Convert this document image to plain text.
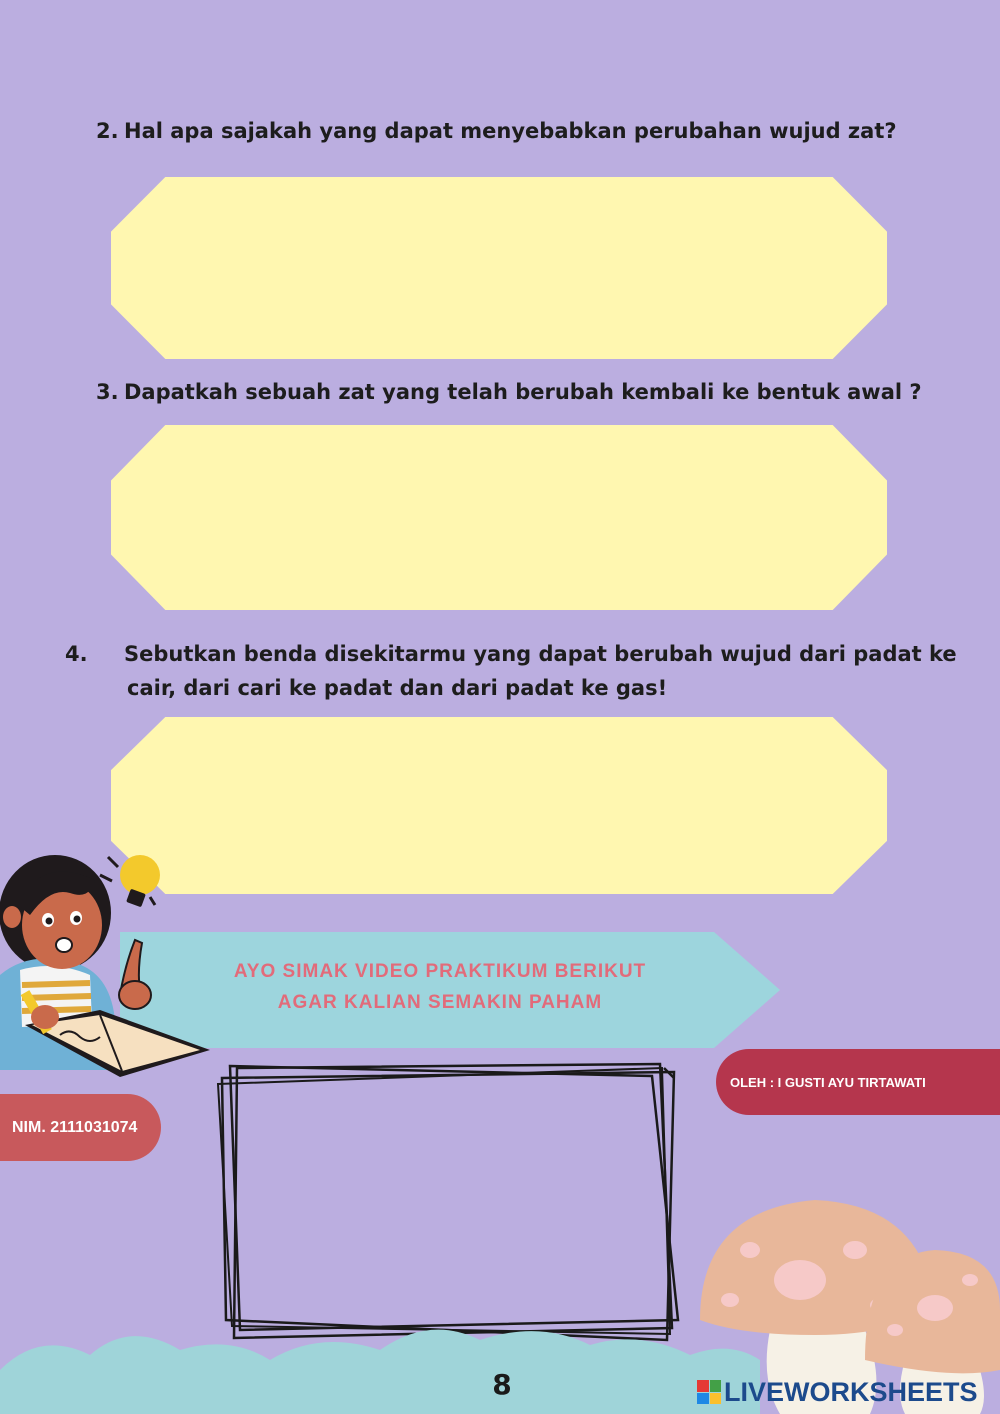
2. Hal apa sajakah yang dapat menyebabkan perubahan wujud zat?

3. Dapatkah sebuah zat yang telah berubah kembali ke bentuk awal ?

4. Sebutkan benda disekitarmu yang dapat berubah wujud dari padat ke cair, dari cari ke padat dan dari padat ke gas!

AYO SIMAK VIDEO PRAKTIKUM BERIKUT
AGAR KALIAN SEMAKIN PAHAM
OLEH : I GUSTI AYU TIRTAWATI
NIM. 2111031074
8	LIVEWORKSHEETS
